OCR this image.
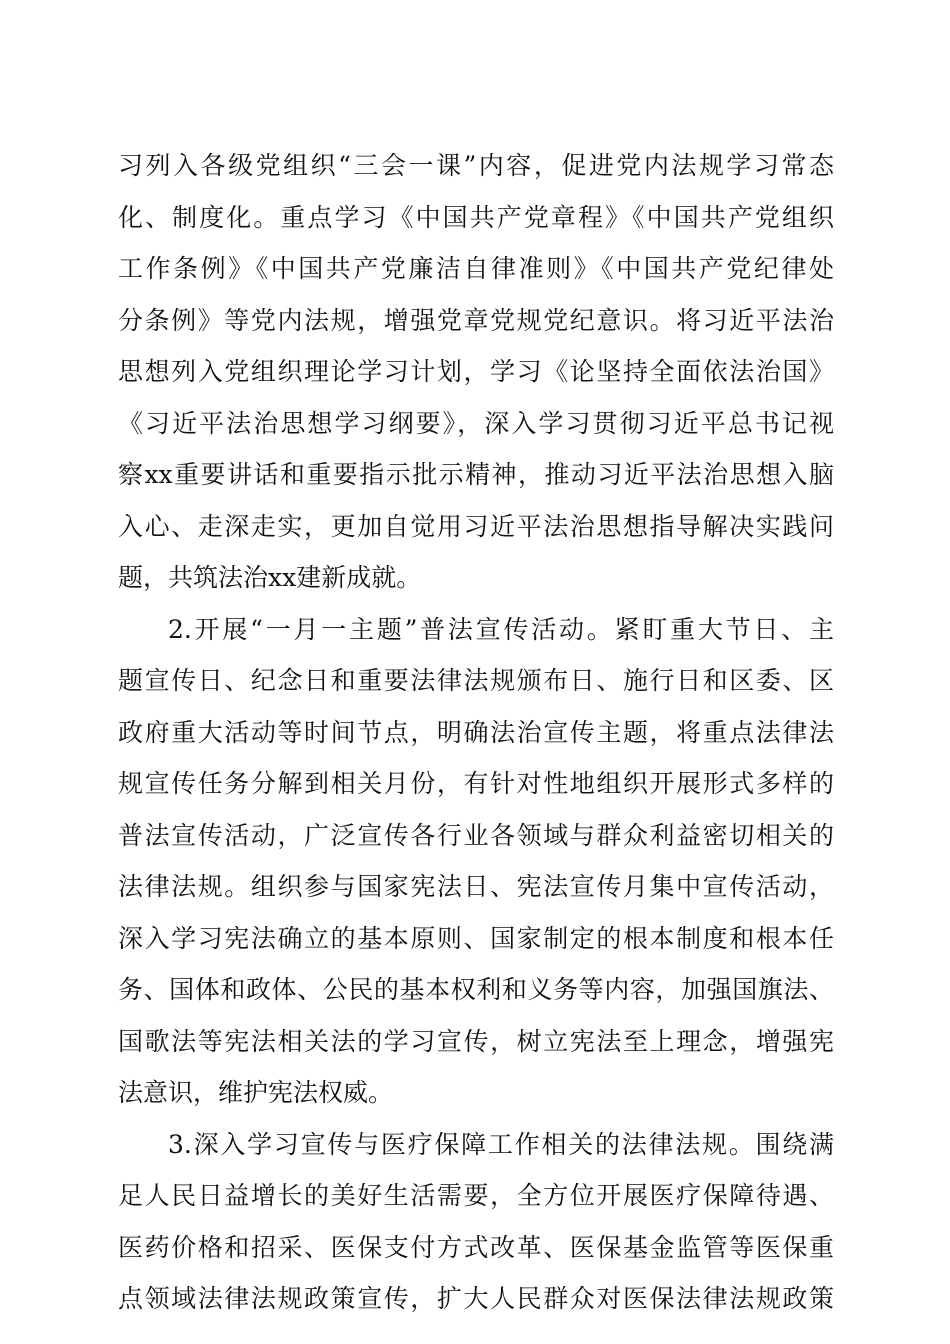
习列入各级党组织“三会一课”内容，促进党内法规学习常态
化、制度化。重点学习《中国共产党章程》《中国共产党组织
工作条例》《中国共产党廉洁自律准则》《中国共产党纪律处
分条例》等党内法规，增强党章党规党纪意识。将习近平法治
思想列入党组织理论学习计划，学习《论坚持全面依法治国》
《习近平法治思想学习纲要》，深入学习贯彻习近平总书记视
察xx重要讲话和重要指示批示精神，推动习近平法治思想入脑
入心、走深走实，更加自觉用习近平法治思想指导解决实践问
题，共筑法治xx建新成就。
2.开展“一月一主题”普法宣传活动。紧盯重大节日、主
题宣传日、纪念日和重要法律法规颁布日、施行日和区委、区
政府重大活动等时间节点，明确法治宣传主题，将重点法律法
规宣传任务分解到相关月份，有针对性地组织开展形式多样的
普法宣传活动，广泛宣传各行业各领域与群众利益密切相关的
法律法规。组织参与国家宪法日、宪法宣传月集中宣传活动，
深入学习宪法确立的基本原则、国家制定的根本制度和根本任
务、国体和政体、公民的基本权利和义务等内容，加强国旗法、
国歌法等宪法相关法的学习宣传，树立宪法至上理念，增强宪
法意识，维护宪法权威。
3.深入学习宣传与医疗保障工作相关的法律法规。围绕满
足人民日益增长的美好生活需要，全方位开展医疗保障待遇、
医药价格和招采、医保支付方式改革、医保基金监管等医保重
点领域法律法规政策宣传，扩大人民群众对医保法律法规政策
